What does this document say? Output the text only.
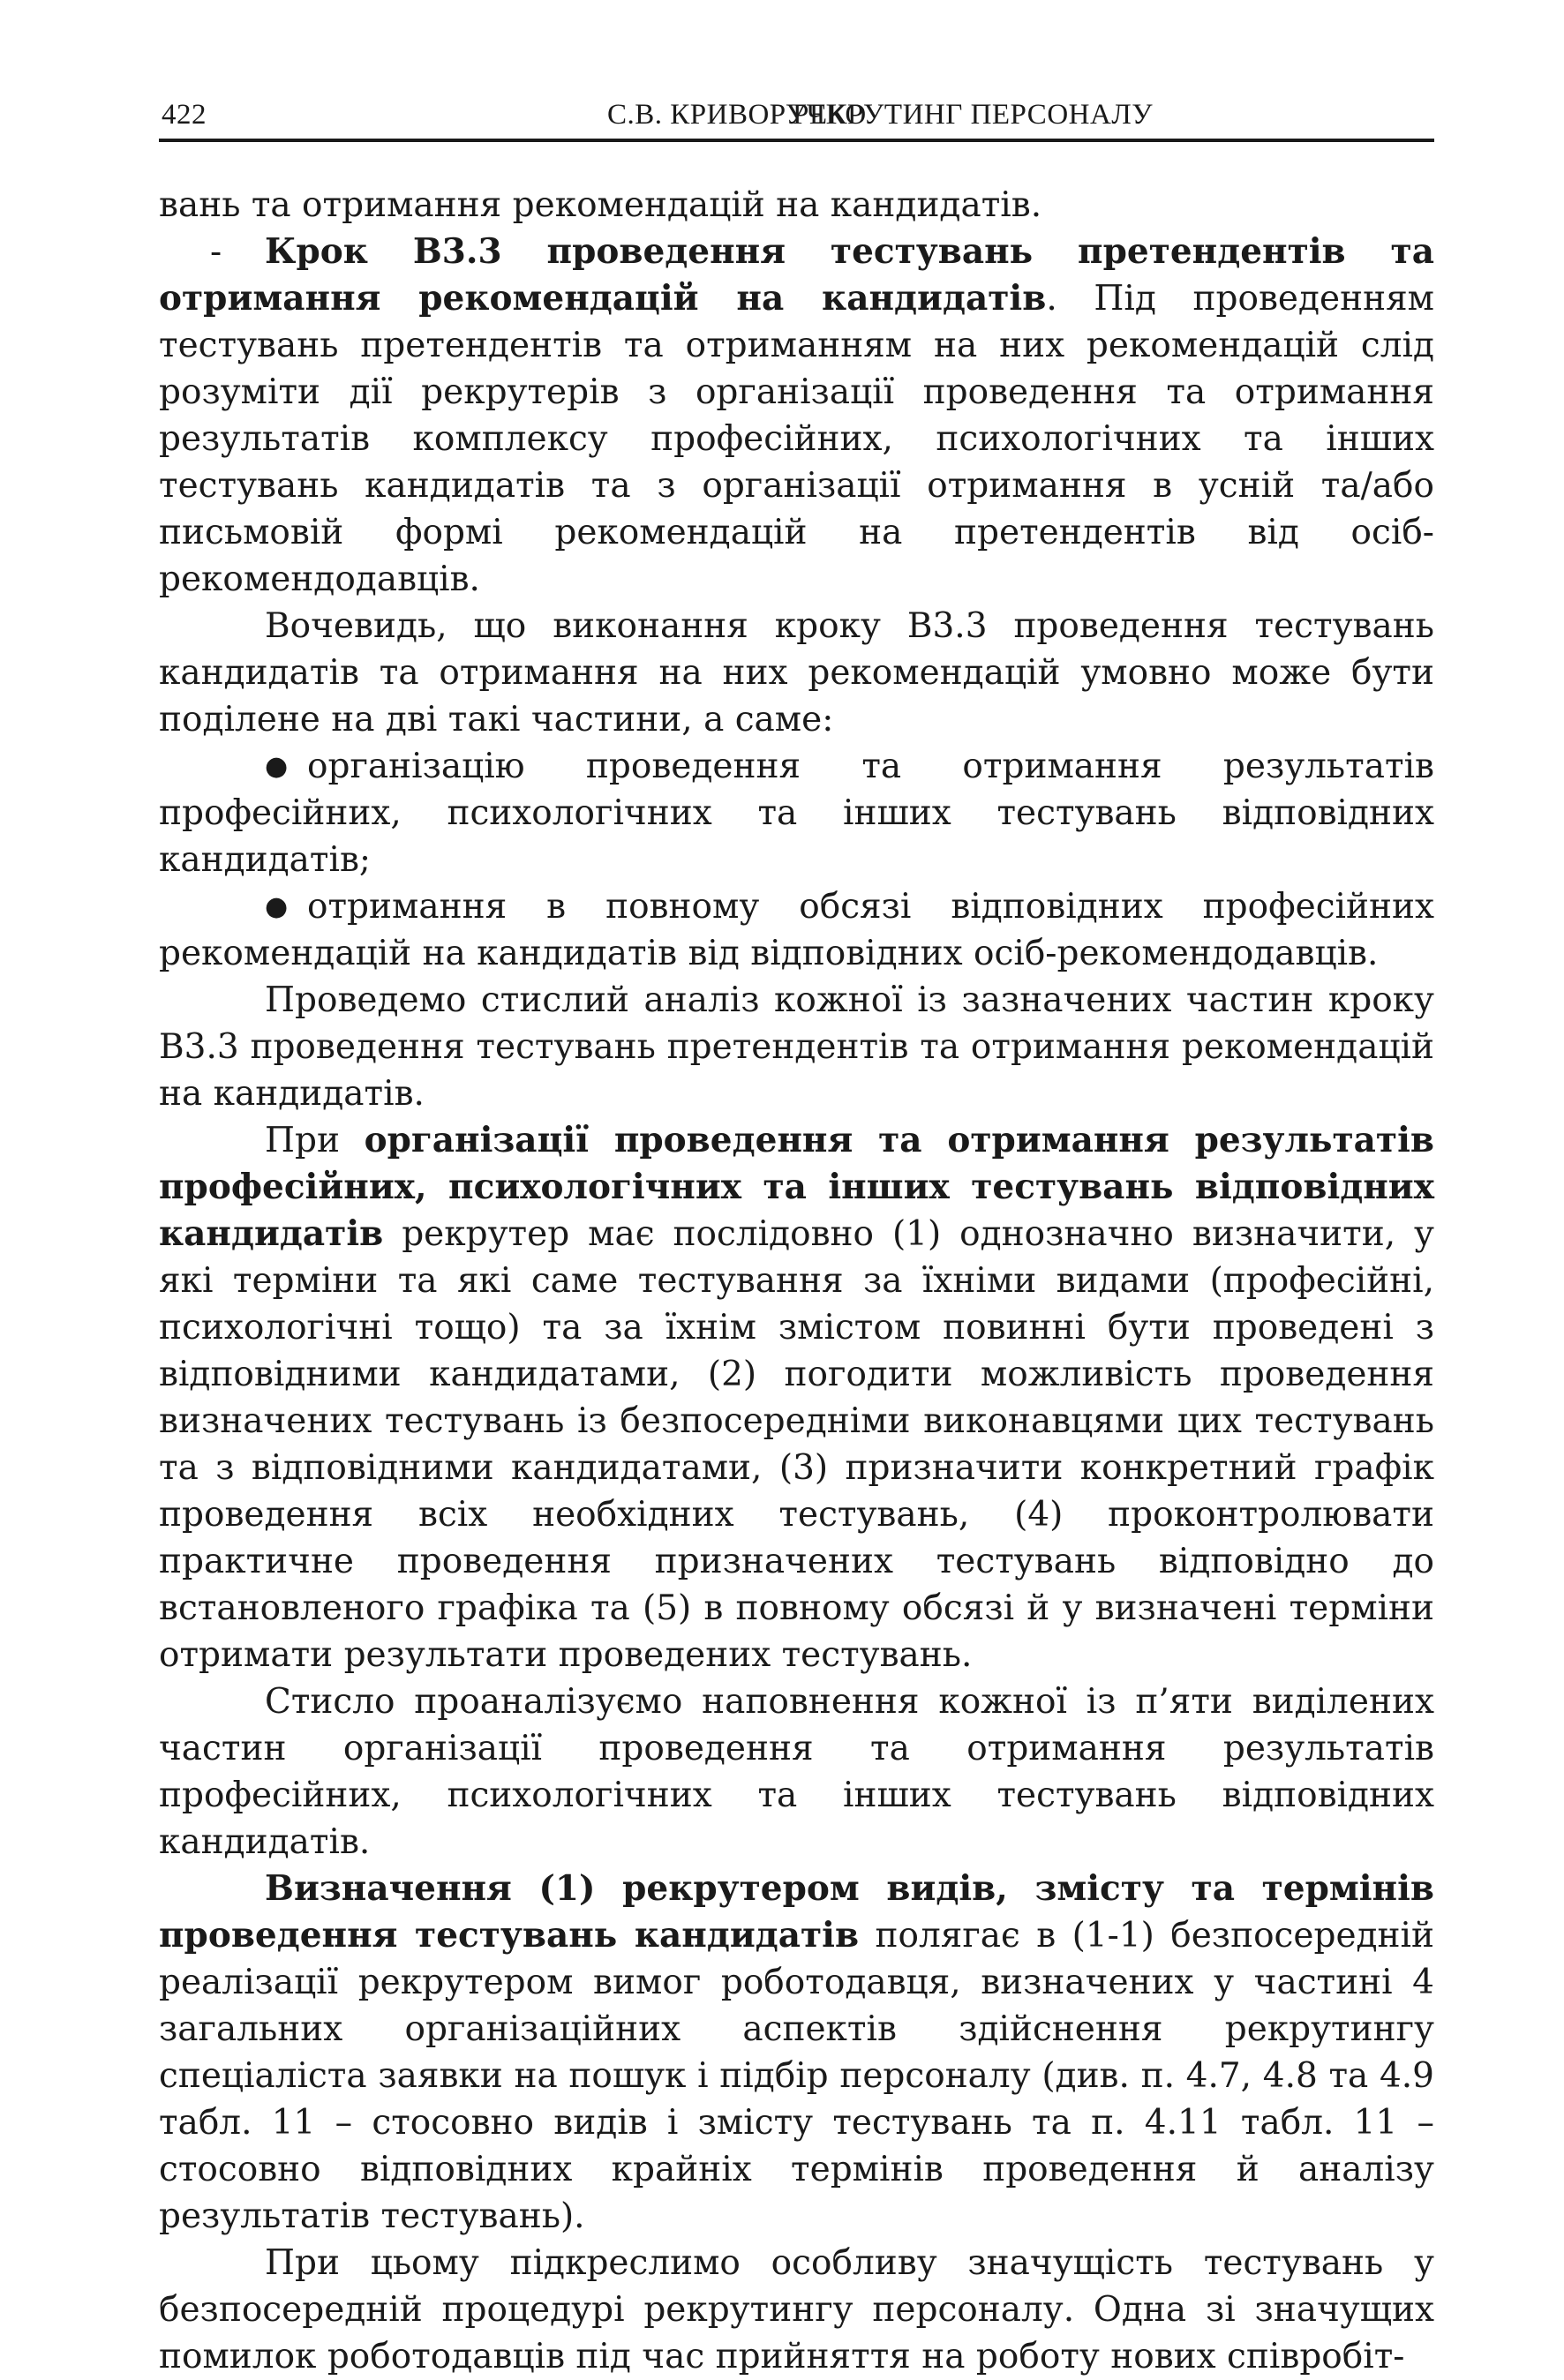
422	С.В. КРИВОРУЧКО
РЕКРУТИНГ ПЕРСОНАЛУ

вань та отримання рекомендацій на кандидатів.

- Крок В3.3 проведення тестувань претендентів та отримання рекомендацій на кандидатів. Під проведенням тестувань претендентів та отриманням на них рекомендацій слід розуміти дії рекрутерів з організації проведення та отримання результатів комплексу професійних, психологічних та інших тестувань кандидатів та з організації отримання в усній та/або письмовій формі рекомендацій на претендентів від осіб-рекомендодавців.

Вочевидь, що виконання кроку В3.3 проведення тестувань кандидатів та отримання на них рекомендацій умовно може бути поділене на дві такі частини, а саме:

● організацію проведення та отримання результатів професійних, психологічних та інших тестувань відповідних кандидатів;
● отримання в повному обсязі відповідних професійних рекомендацій на кандидатів від відповідних осіб-рекомендодавців.

Проведемо стислий аналіз кожної із зазначених частин кроку В3.3 проведення тестувань претендентів та отримання рекомендацій на кандидатів.

При організації проведення та отримання результатів професійних, психологічних та інших тестувань відповідних кандидатів рекрутер має послідовно (1) однозначно визначити, у які терміни та які саме тестування за їхніми видами (професійні, психологічні тощо) та за їхнім змістом повинні бути проведені з відповідними кандидатами, (2) погодити можливість проведення визначених тестувань із безпосередніми виконавцями цих тестувань та з відповідними кандидатами, (3) призначити конкретний графік проведення всіх необхідних тестувань, (4) проконтролювати практичне проведення призначених тестувань відповідно до встановленого графіка та (5) в повному обсязі й у визначені терміни отримати результати проведених тестувань.

Стисло проаналізуємо наповнення кожної із п’яти виділених частин організації проведення та отримання результатів професійних, психологічних та інших тестувань відповідних кандидатів.

Визначення (1) рекрутером видів, змісту та термінів проведення тестувань кандидатів полягає в (1-1) безпосередній реалізації рекрутером вимог роботодавця, визначених у частині 4 загальних організаційних аспектів здійснення рекрутингу спеціаліста заявки на пошук і підбір персоналу (див. п. 4.7, 4.8 та 4.9 табл. 11 – стосовно видів і змісту тестувань та п. 4.11 табл. 11 – стосовно відповідних крайніх термінів проведення й аналізу результатів тестувань).

При цьому підкреслимо особливу значущість тестувань у безпосередній процедурі рекрутингу персоналу. Одна зі значущих помилок роботодавців під час прийняття на роботу нових співробіт-
